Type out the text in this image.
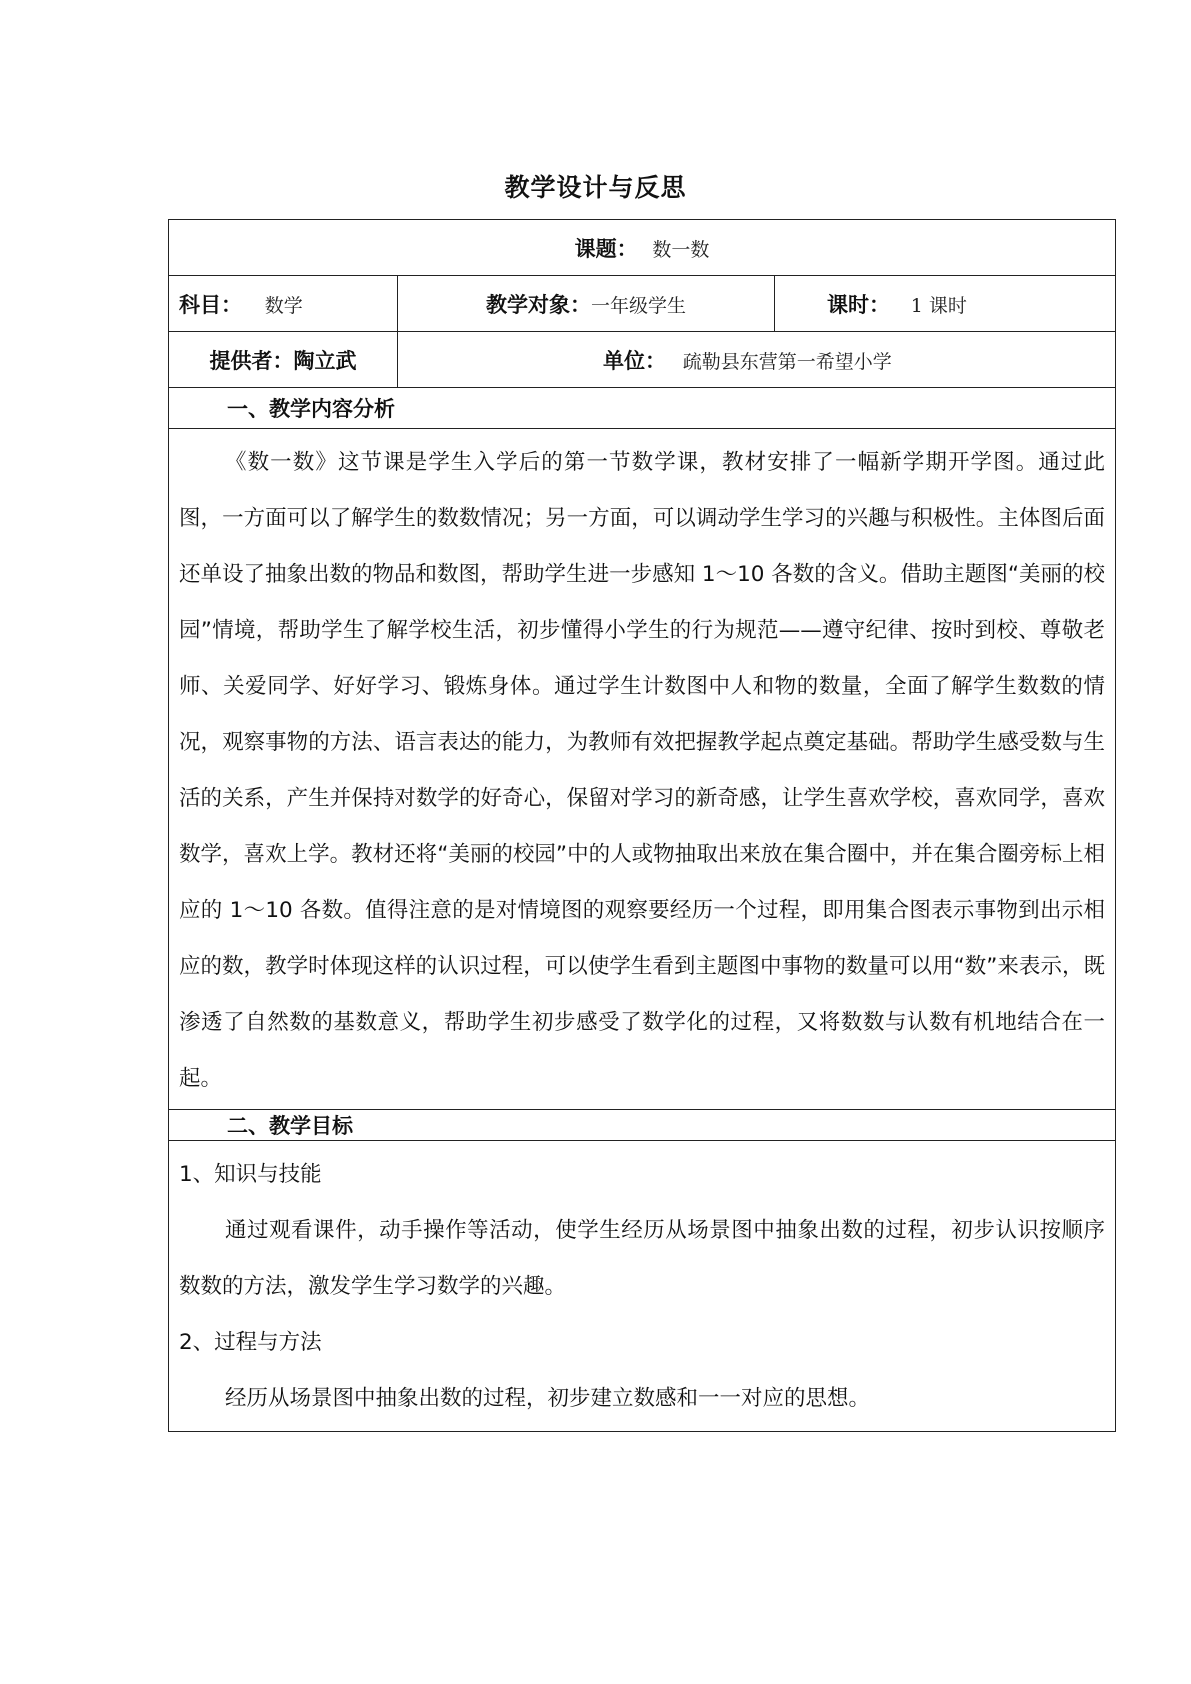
教学设计与反思
课题： 数一数		
科目： 数学	教学对象：一年级学生	课时： 1 课时
提供者：陶立武	单位： 疏勒县东营第一希望小学	
一、教学内容分析		

《数一数》这节课是学生入学后的第一节数学课，教材安排了一幅新学期开学图。通过此图，一方面可以了解学生的数数情况；另一方面，可以调动学生学习的兴趣与积极性。主体图后面还单设了抽象出数的物品和数图，帮助学生进一步感知 1～10 各数的含义。借助主题图“美丽的校园”情境，帮助学生了解学校生活，初步懂得小学生的行为规范——遵守纪律、按时到校、尊敬老师、关爱同学、好好学习、锻炼身体。通过学生计数图中人和物的数量，全面了解学生数数的情况，观察事物的方法、语言表达的能力，为教师有效把握教学起点奠定基础。帮助学生感受数与生活的关系，产生并保持对数学的好奇心，保留对学习的新奇感，让学生喜欢学校，喜欢同学，喜欢数学，喜欢上学。教材还将“美丽的校园”中的人或物抽取出来放在集合圈中，并在集合圈旁标上相应的 1～10 各数。值得注意的是对情境图的观察要经历一个过程，即用集合图表示事物到出示相应的数，教学时体现这样的认识过程，可以使学生看到主题图中事物的数量可以用“数”来表示，既渗透了自然数的基数意义，帮助学生初步感受了数学化的过程，又将数数与认数有机地结合在一起。		

二、教学目标		

1、知识与技能

通过观看课件，动手操作等活动，使学生经历从场景图中抽象出数的过程，初步认识按顺序数数的方法，激发学生学习数学的兴趣。

2、过程与方法

经历从场景图中抽象出数的过程，初步建立数感和一一对应的思想。		
